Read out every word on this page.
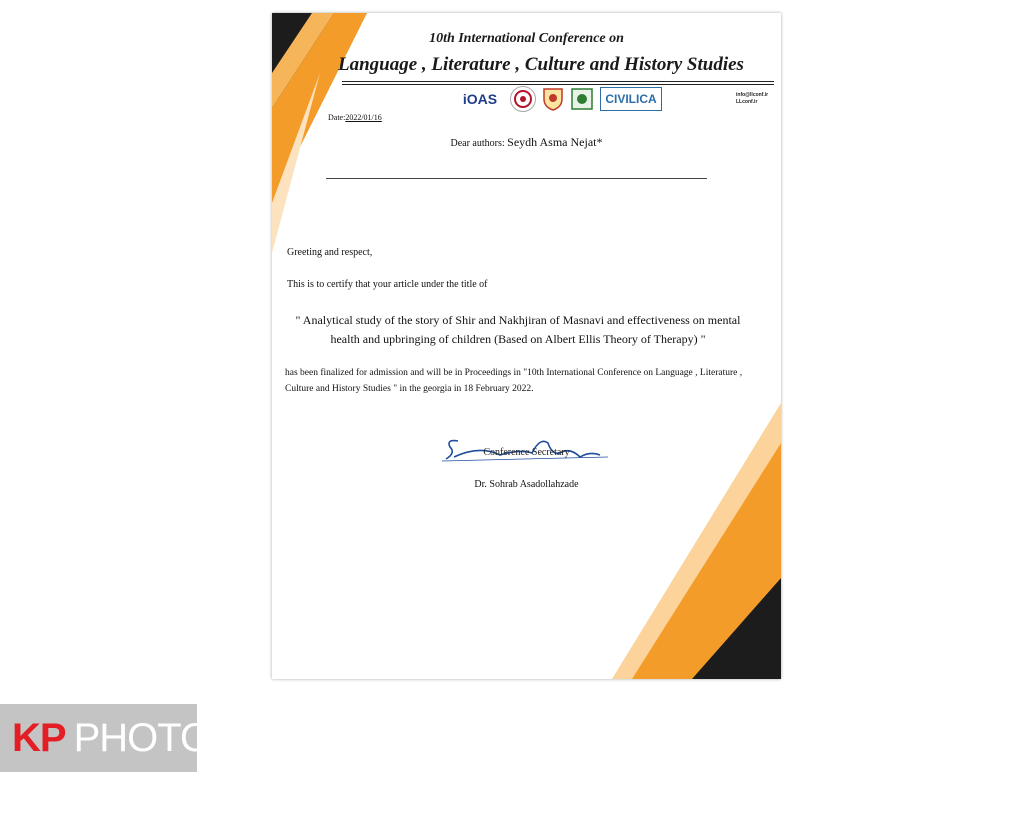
10th International Conference on
Language , Literature , Culture and History Studies
iOAS	CIVILICA	info@llconf.ir
LLconf.ir
Date:2022/01/16
Dear authors: Seydh Asma Nejat*
Greeting and respect,
This is to certify that your article under the title of
" Analytical study of the story of Shir and Nakhjiran of Masnavi and effectiveness on mental health and upbringing of children (Based on Albert Ellis Theory of Therapy) "
has been finalized for admission and will be in Proceedings in "10th International Conference on Language , Literature , Culture and History Studies " in the georgia in 18 February 2022.
Conference Secretary
Dr. Sohrab Asadollahzade
KP PHOTO
